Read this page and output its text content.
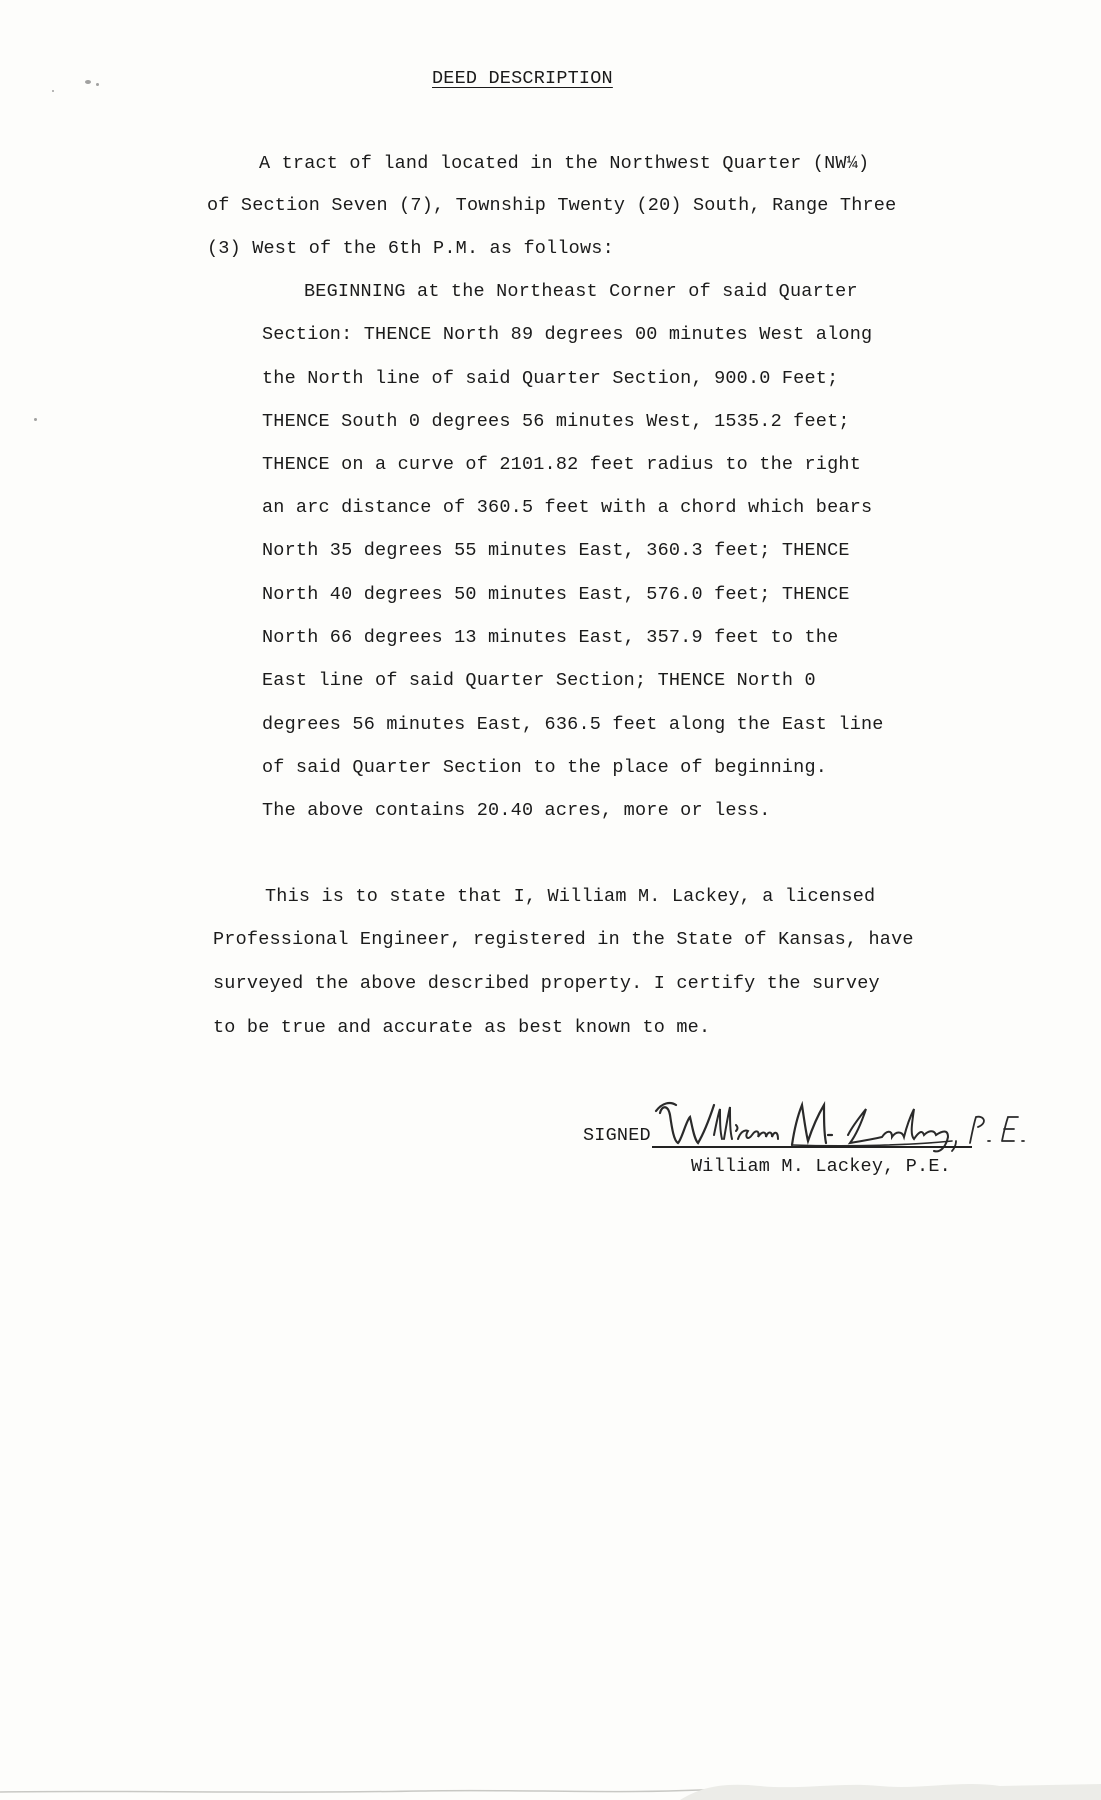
DEED DESCRIPTION
A tract of land located in the Northwest Quarter (NW¼)
of Section Seven (7), Township Twenty (20) South, Range Three
(3) West of the 6th P.M. as follows:
BEGINNING at the Northeast Corner of said Quarter
Section: THENCE North 89 degrees 00 minutes West along
the North line of said Quarter Section, 900.0 Feet;
THENCE South 0 degrees 56 minutes West, 1535.2 feet;
THENCE on a curve of 2101.82 feet radius to the right
an arc distance of 360.5 feet with a chord which bears
North 35 degrees 55 minutes East, 360.3 feet; THENCE
North 40 degrees 50 minutes East, 576.0 feet; THENCE
North 66 degrees 13 minutes East, 357.9 feet to the
East line of said Quarter Section; THENCE North 0
degrees 56 minutes East, 636.5 feet along the East line
of said Quarter Section to the place of beginning.
The above contains 20.40 acres, more or less.
This is to state that I, William M. Lackey, a licensed
Professional Engineer, registered in the State of Kansas, have
surveyed the above described property. I certify the survey
to be true and accurate as best known to me.
SIGNED
William M. Lackey, P.E.
